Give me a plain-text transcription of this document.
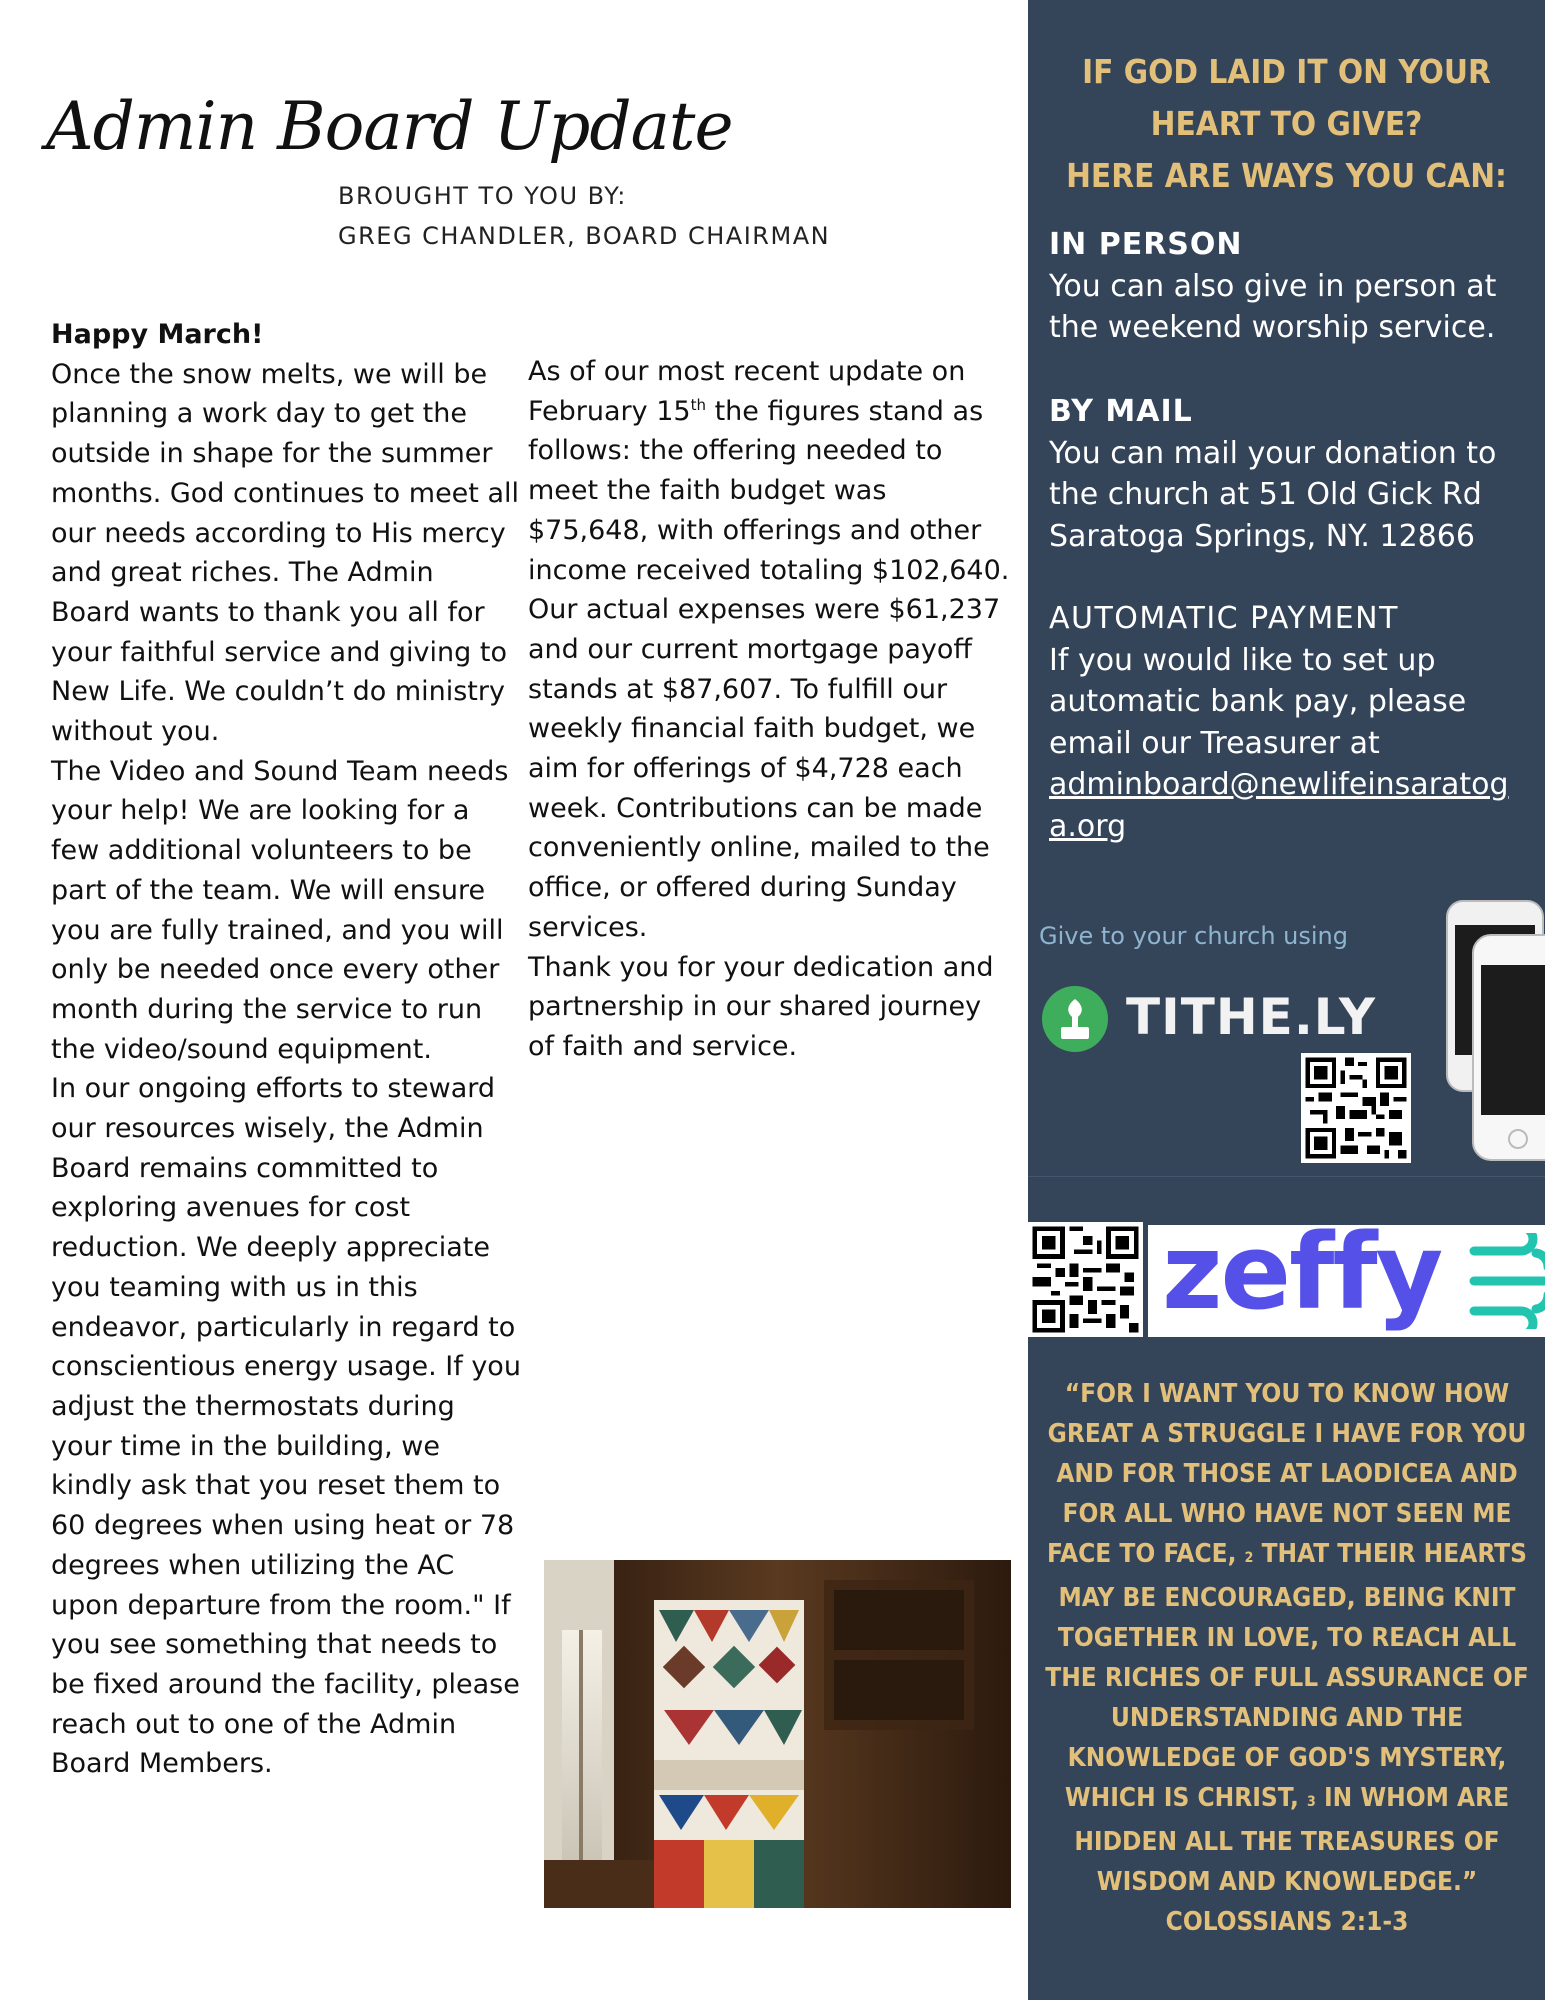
Admin Board Update
BROUGHT TO YOU BY:
GREG CHANDLER, BOARD CHAIRMAN

Happy March!

Once the snow melts, we will be planning a work day to get the outside in shape for the summer months. God continues to meet all our needs according to His mercy and great riches. The Admin Board wants to thank you all for your faithful service and giving to New Life. We couldn’t do ministry without you.

The Video and Sound Team needs your help! We are looking for a few additional volunteers to be part of the team. We will ensure you are fully trained, and you will only be needed once every other month during the service to run the video/sound equipment.

In our ongoing efforts to steward our resources wisely, the Admin Board remains committed to exploring avenues for cost reduction. We deeply appreciate you teaming with us in this endeavor, particularly in regard to conscientious energy usage. If you adjust the thermostats during your time in the building, we kindly ask that you reset them to 60 degrees when using heat or 78 degrees when utilizing the AC upon departure from the room." If you see something that needs to be fixed around the facility, please reach out to one of the Admin Board Members.

As of our most recent update on February 15th the figures stand as follows: the offering needed to meet the faith budget was $75,648, with offerings and other income received totaling $102,640. Our actual expenses were $61,237 and our current mortgage payoff stands at $87,607. To fulfill our weekly financial faith budget, we aim for offerings of $4,728 each week. Contributions can be made conveniently online, mailed to the office, or offered during Sunday services.

Thank you for your dedication and partnership in our shared journey of faith and service.

IF GOD LAID IT ON YOUR
HEART TO GIVE?
HERE ARE WAYS YOU CAN:
IN PERSON
You can also give in person at the weekend worship service.
BY MAIL
You can mail your donation to
the church at 51 Old Gick Rd
Saratoga Springs, NY. 12866
AUTOMATIC PAYMENT
If you would like to set up automatic bank pay, please email our Treasurer at
adminboard@newlifeinsaratoga.org
Give to your church using
TITHE.LY
zeffy
“FOR I WANT YOU TO KNOW HOW GREAT A STRUGGLE I HAVE FOR YOU AND FOR THOSE AT LAODICEA AND FOR ALL WHO HAVE NOT SEEN ME FACE TO FACE, 2 THAT THEIR HEARTS MAY BE ENCOURAGED, BEING KNIT TOGETHER IN LOVE, TO REACH ALL THE RICHES OF FULL ASSURANCE OF UNDERSTANDING AND THE KNOWLEDGE OF GOD'S MYSTERY, WHICH IS CHRIST, 3 IN WHOM ARE HIDDEN ALL THE TREASURES OF WISDOM AND KNOWLEDGE.”
COLOSSIANS 2:1-3
